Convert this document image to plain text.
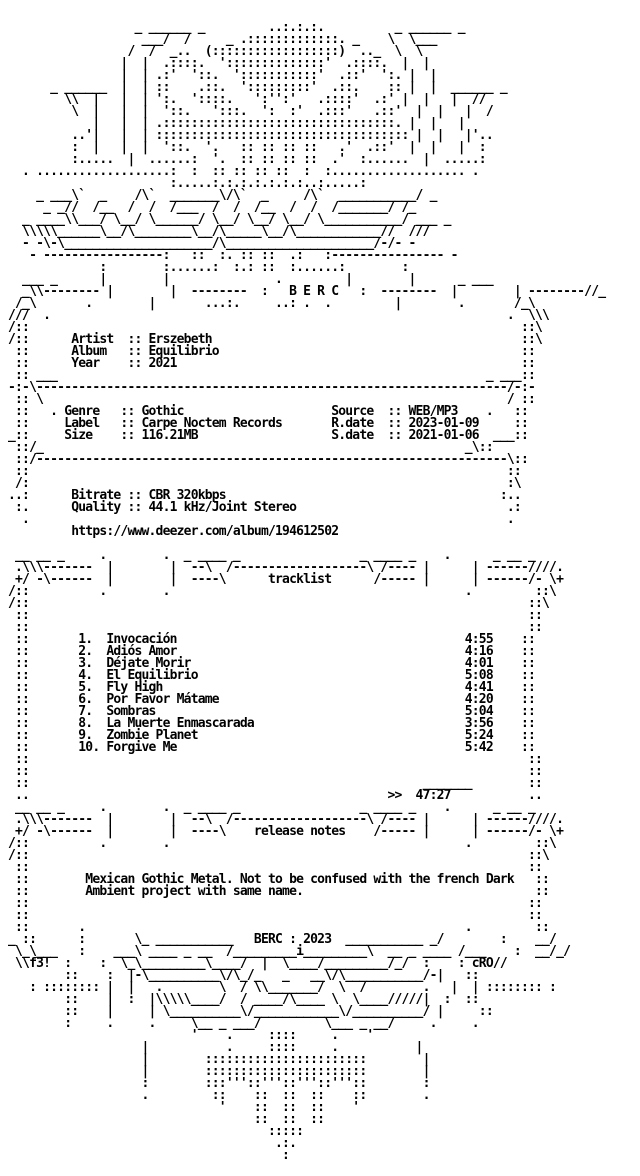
_ ______ _         ..:.:.:.          _ ______ _
___/  /     _ .:::::::::::::. _    \  \___
/  /  _..  (::::::::::::::::::)  .._  \  \
|  |  .::::.  '::::::::::::::'  .::::.  |  |
|  | .:'  '::.  ':::::::::::'  .::'  ':. |  |
_ ______  |  | ::    .::.  ':::::::::'  .::.    :: |  |  ______ _
\\  |   |  | ':.  '::::.   ':'':'   .::::'  .:' |  |   |  //
\  |   |  |  '::.   ':::.  ':  :'  .:::'   .::'  |  |   |  /
|   |  | .:::::::::::::::::::::::::::::::::. |  |   |
..'|   |  | :::::::::::::::::::::::::::::::::::: |  |   |'..
:  |   |  |  '::.  '.   :: :: :: ::   .'  .::'  |  |   |  :
:.....  |  ......:  '.  :: :: :: ::  .'  :......  |  .....:
. ...................:  :  :: :: :: ::  :  :................... .
:.....:.:.:.:.:.:.:..:.....:
_ ___\`  _    /\`  _______\/\`  _     /\`  ___________/ _
_ _//  /__  /  /  /___  /  /  /__  /  /  /_______/ /_
_ ____\\___/ \__/ \______/ \__/ \__/ \__/ \___________/ ___ _
\\\\\______\__/\________\__/\_____\__/\____________//  ///
- -\-\_____________________/\_____________________/-/- -
- -----------------:   ::  :. :: ::  .:   :---------------- -
:        :......:  :.: ::  :......:        :
___ _      |        |               .         |        |      _ ___
_\\-------- |        |  --------  :   B E R C   :  --------  |        | --------//_
/_\       .        |       ...:.     ..: .  .         |        .       /_\
///  .                                                                 .  \\\
/::                                                                      ::\
/::      Artist  :: Erszebeth                                            ::\
::      Album   :: Equilibrio                                           ::
::      Year    :: 2021                                                 ::
:: ___                                                             _ ___::
-:-\-------------------------------------------------------------------/-:-
:: \                                                                  / ::
::   . Genre   :: Gothic                     Source  :: WEB/MP3    .   ::
::     Label   :: Carpe Noctem Records       R.date  :: 2023-01-09     ::
_::     Size    :: 116.21MB                   S.date  :: 2021-01-06  ___::
::/_                                                            _\::
::/-------------------------------------------------------------------\::
::                                                                    ::
/:                                                                    :\
..:      Bitrate :: CBR 320kbps                                       :..
:.      Quality :: 44.1 kHz/Joint Stereo                              .:
.                                                                    .
https://www.deezer.com/album/194612502

__ __ _     .        .  _ ____ _                 _ ____ _    .      _ __ _
.\\\-------  |        |  --\  /-------------------\ /---- |      | ------////.
+/ -\------  |        |  ----\      tracklist      /----- |      | ------/- \+
/::          .        .                                          .         ::\
/::                                                                       ::\
::                                                                       ::
::                                                                       ::
::       1.  Invocación                                         4:55    ::
::       2.  Adiós Amor                                         4:16    ::
::       3.  Déjate Morir                                       4:01    ::
::       4.  El Equilibrio                                      5:08    ::
::       5.  Fly High                                           4:41    ::
::       6.  Por Favor Mátame                                   4:20    ::
::       7.  Sombras                                            5:04    ::
::       8.  La Muerte Enmascarada                              3:56    ::
::       9.  Zombie Planet                                      5:24    ::
::       10. Forgive Me                                         5:42    ::
::                                                                       ::
::                                                                       ::
::                                                        _______        ::
..                                                   >>  47:27           ..
__ __ _     .        .  _ ____ _                 _ ____ _    .      _ __ _
.\\\-------  |        |  --\  /-------------------\ /---- |      | ------////.
+/ -\------  |        |  ----\    release notes    /----- |      | ------/- \+
/::          .        .                                          .         ::\
/::                                                                       ::\
::                                                                       ::
::        Mexican Gothic Metal. Not to be confused with the french Dark   ::
::        Ambient project with same name.                                 ::
::                                                                       ::
::                                                                       ::
::       .                                                      .         ::
_ ::      :       \_ ___________   BERC : 2023  ___________ _/        :    __/
\_\___   :    ___\ ____ _ __  /_________i_________\  __ _ ____ /___    :  __/_/
\\f3!  :    :  \_\_________\____/  |  \____/_________/_/  :    : cRO//
::    :  |-\__________\/\_/_   _   __\/\___________/-|   ::
: :::::::: |  |   .        \  / \\_______/  \  /        .   |  | :::::::: :
::    |  :  |\\\\\____/  / ____/\____ \  \____/////|  :  ::
::    |     | \__________\/____________\/__________/ |     ::
:     .     .     \__ _ ___/         \___ _ __/     .     .
'    .     ::::     .    '
|           .     ::::     .           |
|        :::::::::::::::::::::::        |
|        :::::::::::::::::::::::        |
:        :::'''::'''::'''::'''::        :
.         ::    ::  ::  ::    ::        .
'    ::  ::  ::    '
::  ::  ::
:::::
.:.
:
